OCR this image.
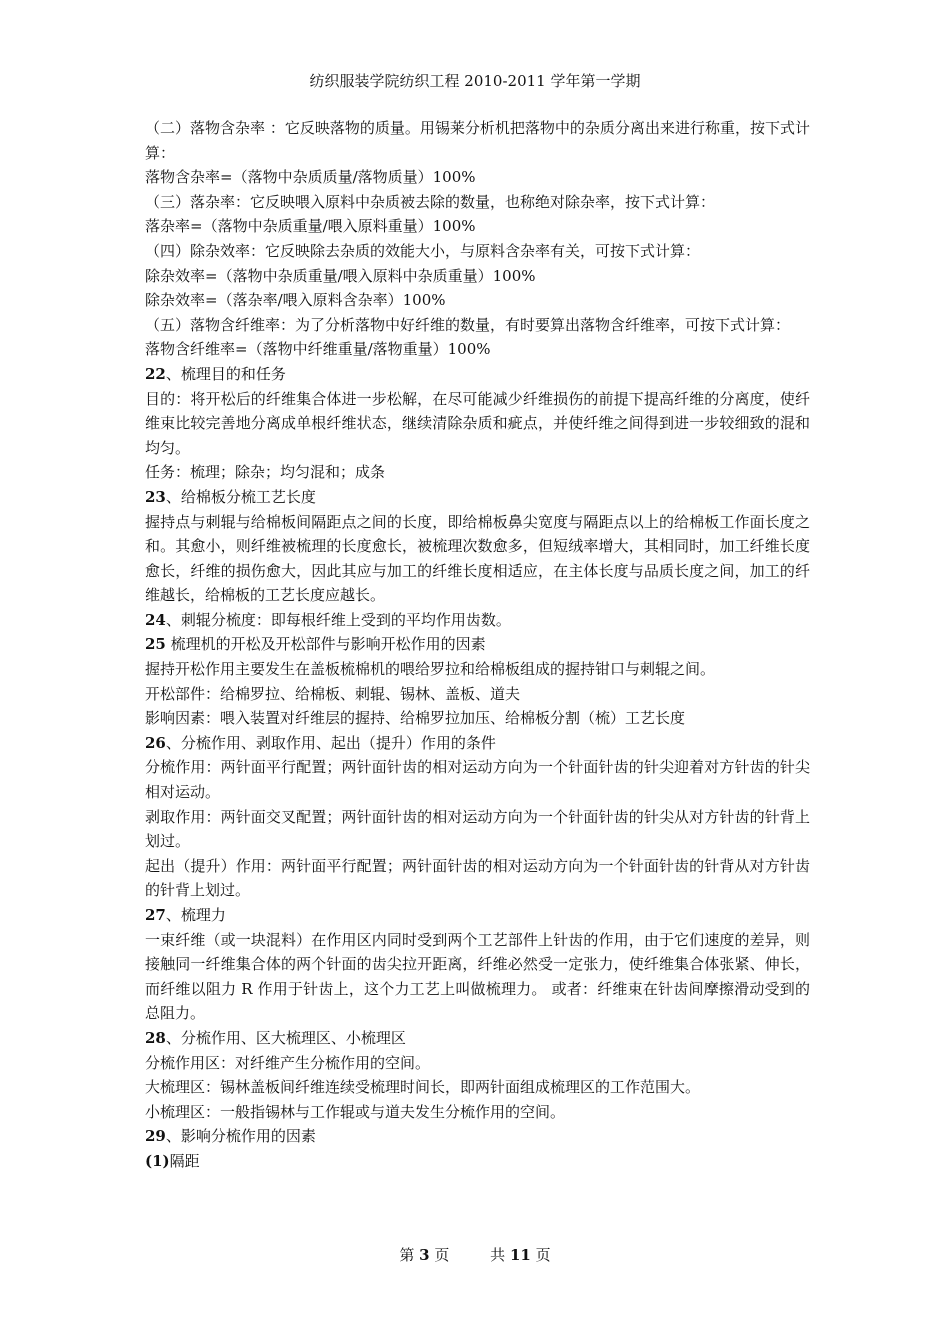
纺织服装学院纺织工程 2010-2011 学年第一学期

（二）落物含杂率 ：它反映落物的质量。用锡莱分析机把落物中的杂质分离出来进行称重，按下式计算：

落物含杂率=（落物中杂质质量/落物质量）100%

（三）落杂率：它反映喂入原料中杂质被去除的数量，也称绝对除杂率，按下式计算：

落杂率=（落物中杂质重量/喂入原料重量）100%

（四）除杂效率：它反映除去杂质的效能大小，与原料含杂率有关，可按下式计算：

除杂效率=（落物中杂质重量/喂入原料中杂质重量）100%

除杂效率=（落杂率/喂入原料含杂率）100%

（五）落物含纤维率：为了分析落物中好纤维的数量，有时要算出落物含纤维率，可按下式计算：

落物含纤维率=（落物中纤维重量/落物重量）100%

22、梳理目的和任务

目的：将开松后的纤维集合体进一步松解，在尽可能减少纤维损伤的前提下提高纤维的分离度，使纤维束比较完善地分离成单根纤维状态，继续清除杂质和疵点，并使纤维之间得到进一步较细致的混和均匀。

任务：梳理；除杂；均匀混和；成条

23、给棉板分梳工艺长度

握持点与刺辊与给棉板间隔距点之间的长度，即给棉板鼻尖宽度与隔距点以上的给棉板工作面长度之和。其愈小，则纤维被梳理的长度愈长，被梳理次数愈多，但短绒率增大，其相同时，加工纤维长度愈长，纤维的损伤愈大，因此其应与加工的纤维长度相适应，在主体长度与品质长度之间，加工的纤维越长，给棉板的工艺长度应越长。

24、刺辊分梳度：即每根纤维上受到的平均作用齿数。

25 梳理机的开松及开松部件与影响开松作用的因素

握持开松作用主要发生在盖板梳棉机的喂给罗拉和给棉板组成的握持钳口与刺辊之间。

开松部件：给棉罗拉、给棉板、刺辊、锡林、盖板、道夫

影响因素：喂入装置对纤维层的握持、给棉罗拉加压、给棉板分割（梳）工艺长度

26、分梳作用、剥取作用、起出（提升）作用的条件

分梳作用：两针面平行配置；两针面针齿的相对运动方向为一个针面针齿的针尖迎着对方针齿的针尖相对运动。

剥取作用：两针面交叉配置；两针面针齿的相对运动方向为一个针面针齿的针尖从对方针齿的针背上划过。

起出（提升）作用：两针面平行配置；两针面针齿的相对运动方向为一个针面针齿的针背从对方针齿的针背上划过。

27、梳理力

一束纤维（或一块混料）在作用区内同时受到两个工艺部件上针齿的作用，由于它们速度的差异，则接触同一纤维集合体的两个针面的齿尖拉开距离，纤维必然受一定张力，使纤维集合体张紧、伸长，而纤维以阻力 R 作用于针齿上，这个力工艺上叫做梳理力。 或者：纤维束在针齿间摩擦滑动受到的总阻力。

28、分梳作用、区大梳理区、小梳理区

分梳作用区：对纤维产生分梳作用的空间。

大梳理区：锡林盖板间纤维连续受梳理时间长，即两针面组成梳理区的工作范围大。

小梳理区：一般指锡林与工作辊或与道夫发生分梳作用的空间。

29、影响分梳作用的因素

(1)隔距

第 3 页	共 11 页
